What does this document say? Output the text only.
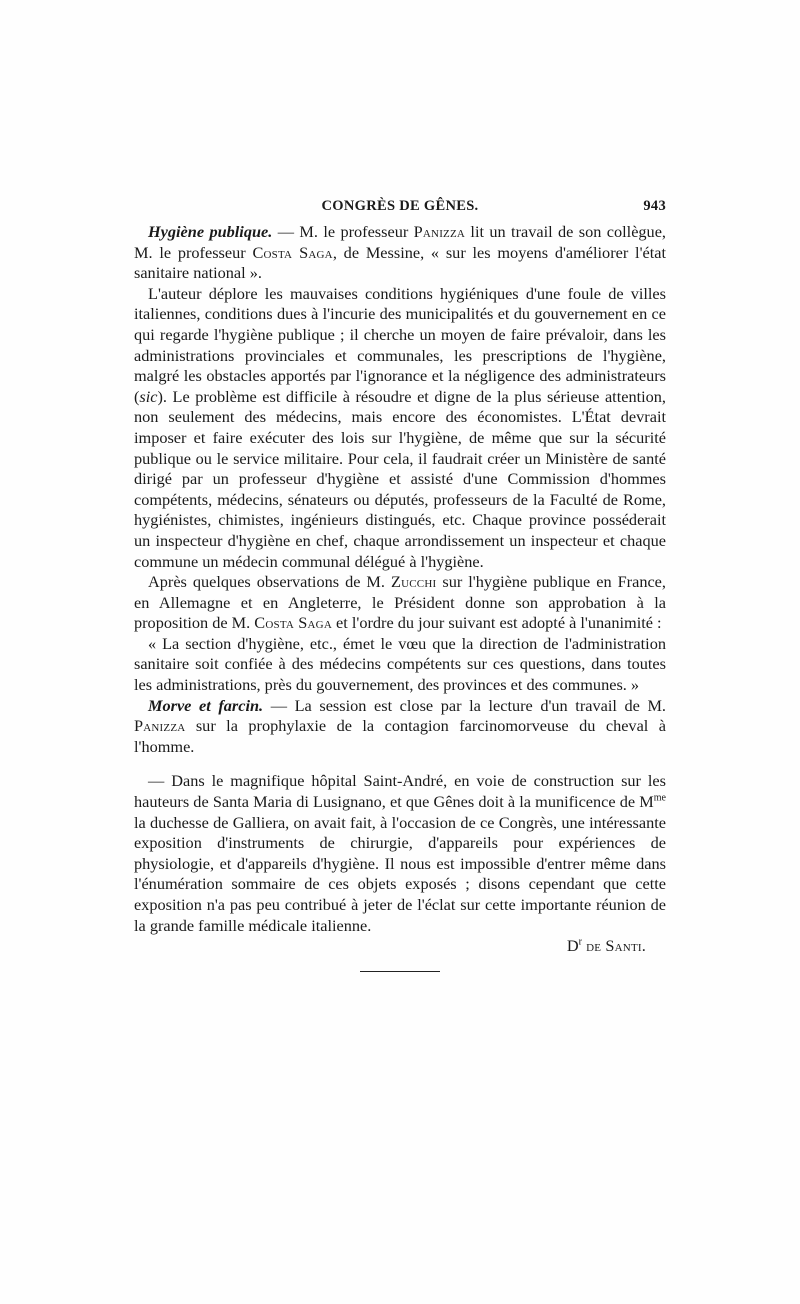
CONGRÈS DE GÊNES.	943

Hygiène publique. — M. le professeur Panizza lit un travail de son collègue, M. le professeur Costa Saga, de Messine, « sur les moyens d'améliorer l'état sanitaire national ».

L'auteur déplore les mauvaises conditions hygiéniques d'une foule de villes italiennes, conditions dues à l'incurie des municipalités et du gouvernement en ce qui regarde l'hygiène publique ; il cherche un moyen de faire prévaloir, dans les administrations provinciales et communales, les prescriptions de l'hygiène, malgré les obstacles apportés par l'ignorance et la négligence des administrateurs (sic). Le problème est difficile à résoudre et digne de la plus sérieuse attention, non seulement des médecins, mais encore des économistes. L'État devrait imposer et faire exécuter des lois sur l'hygiène, de même que sur la sécurité publique ou le service militaire. Pour cela, il faudrait créer un Ministère de santé dirigé par un professeur d'hygiène et assisté d'une Commission d'hommes compétents, médecins, sénateurs ou députés, professeurs de la Faculté de Rome, hygiénistes, chimistes, ingénieurs distingués, etc. Chaque province posséderait un inspecteur d'hygiène en chef, chaque arrondissement un inspecteur et chaque commune un médecin communal délégué à l'hygiène.

Après quelques observations de M. Zucchi sur l'hygiène publique en France, en Allemagne et en Angleterre, le Président donne son approbation à la proposition de M. Costa Saga et l'ordre du jour suivant est adopté à l'unanimité :

« La section d'hygiène, etc., émet le vœu que la direction de l'administration sanitaire soit confiée à des médecins compétents sur ces questions, dans toutes les administrations, près du gouvernement, des provinces et des communes. »

Morve et farcin. — La session est close par la lecture d'un travail de M. Panizza sur la prophylaxie de la contagion farcinomorveuse du cheval à l'homme.

— Dans le magnifique hôpital Saint-André, en voie de construction sur les hauteurs de Santa Maria di Lusignano, et que Gênes doit à la munificence de $M^{me}$ la duchesse de Galliera, on avait fait, à l'occasion de ce Congrès, une intéressante exposition d'instruments de chirurgie, d'appareils pour expériences de physiologie, et d'appareils d'hygiène. Il nous est impossible d'entrer même dans l'énumération sommaire de ces objets exposés ; disons cependant que cette exposition n'a pas peu contribué à jeter de l'éclat sur cette importante réunion de la grande famille médicale italienne.

$D^r$ de Santi.
